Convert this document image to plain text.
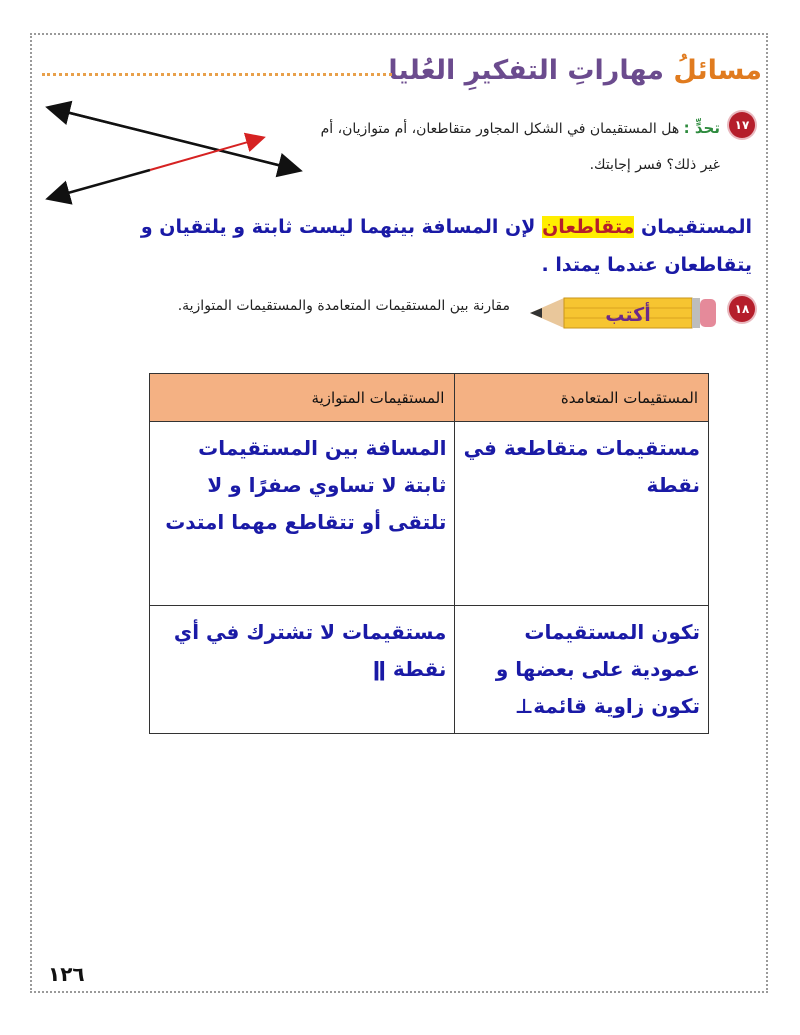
مسائلُ مهاراتِ التفكيرِ العُليا
١٧
تحدٍّ : هل المستقيمان في الشكل المجاور متقاطعان، أم متوازيان، أم غير ذلك؟ فسر إجابتك.
المستقيمان متقاطعان لإن المسافة بينهما ليست ثابتة و يلتقيان و يتقاطعان عندما يمتدا .
١٨
أكتب
مقارنة بين المستقيمات المتعامدة والمستقيمات المتوازية.
المستقيمات المتعامدة	المستقيمات المتوازية
مستقيمات متقاطعة في نقطة	المسافة بين المستقيمات ثابتة لا تساوي صفرًا و لا تلتقى أو تتقاطع مهما امتدت
تكون المستقيمات عمودية على بعضها و تكون زاوية قائمة⊥	مستقيمات لا تشترك في أي نقطة ǁ
١٢٦
